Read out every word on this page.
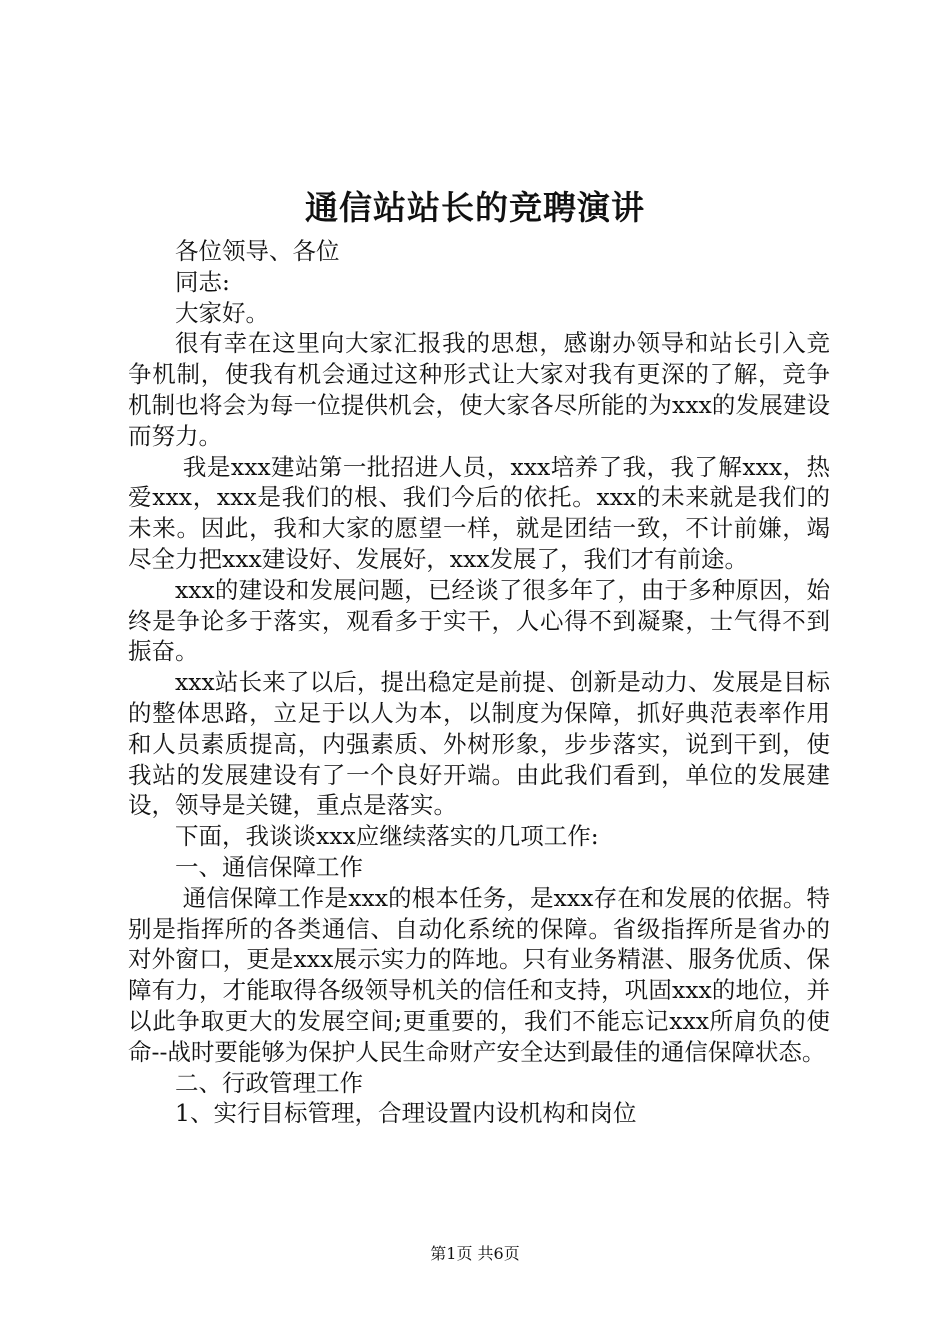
通信站站长的竞聘演讲

各位领导、各位

同志:

大家好。

很有幸在这里向大家汇报我的思想，感谢办领导和站长引入竞争机制，使我有机会通过这种形式让大家对我有更深的了解，竞争机制也将会为每一位提供机会，使大家各尽所能的为xxx的发展建设而努力。

我是xxx建站第一批招进人员，xxx培养了我，我了解xxx，热爱xxx，xxx是我们的根、我们今后的依托。xxx的未来就是我们的未来。因此，我和大家的愿望一样，就是团结一致，不计前嫌，竭尽全力把xxx建设好、发展好，xxx发展了，我们才有前途。

xxx的建设和发展问题，已经谈了很多年了，由于多种原因，始终是争论多于落实，观看多于实干，人心得不到凝聚，士气得不到振奋。

xxx站长来了以后，提出稳定是前提、创新是动力、发展是目标的整体思路，立足于以人为本，以制度为保障，抓好典范表率作用和人员素质提高，内强素质、外树形象，步步落实，说到干到，使我站的发展建设有了一个良好开端。由此我们看到，单位的发展建设，领导是关键，重点是落实。

下面，我谈谈xxx应继续落实的几项工作:

一、通信保障工作

通信保障工作是xxx的根本任务，是xxx存在和发展的依据。特别是指挥所的各类通信、自动化系统的保障。省级指挥所是省办的对外窗口，更是xxx展示实力的阵地。只有业务精湛、服务优质、保障有力，才能取得各级领导机关的信任和支持，巩固xxx的地位，并以此争取更大的发展空间;更重要的，我们不能忘记xxx所肩负的使命--战时要能够为保护人民生命财产安全达到最佳的通信保障状态。

二、行政管理工作

1、实行目标管理，合理设置内设机构和岗位

第1页 共6页
